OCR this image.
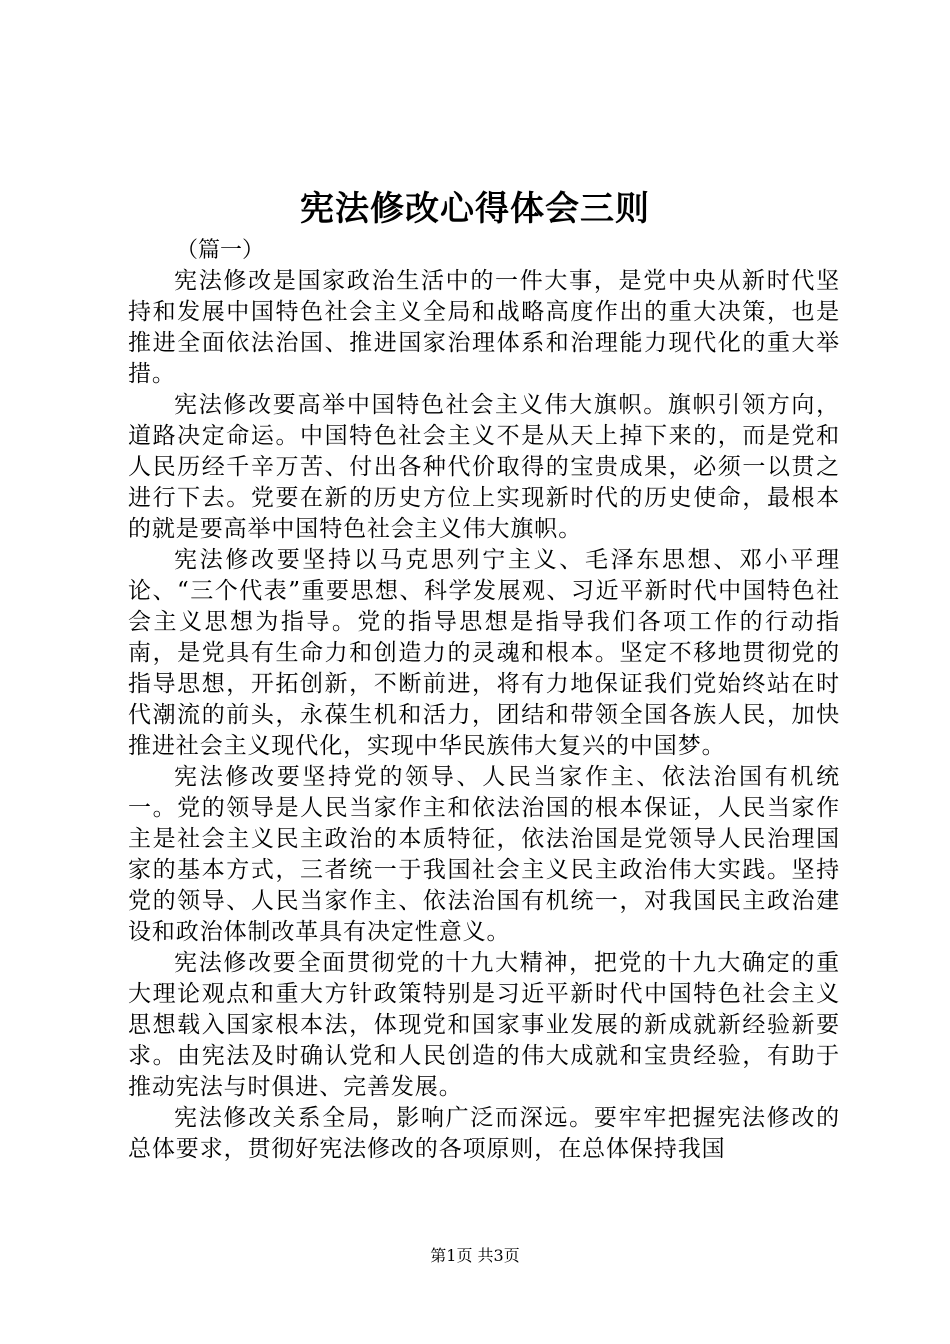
宪法修改心得体会三则

（篇一）

宪法修改是国家政治生活中的一件大事，是党中央从新时代坚持和发展中国特色社会主义全局和战略高度作出的重大决策，也是推进全面依法治国、推进国家治理体系和治理能力现代化的重大举措。

宪法修改要高举中国特色社会主义伟大旗帜。旗帜引领方向，道路决定命运。中国特色社会主义不是从天上掉下来的，而是党和人民历经千辛万苦、付出各种代价取得的宝贵成果，必须一以贯之进行下去。党要在新的历史方位上实现新时代的历史使命，最根本的就是要高举中国特色社会主义伟大旗帜。

宪法修改要坚持以马克思列宁主义、毛泽东思想、邓小平理论、“三个代表”重要思想、科学发展观、习近平新时代中国特色社会主义思想为指导。党的指导思想是指导我们各项工作的行动指南，是党具有生命力和创造力的灵魂和根本。坚定不移地贯彻党的指导思想，开拓创新，不断前进，将有力地保证我们党始终站在时代潮流的前头，永葆生机和活力，团结和带领全国各族人民，加快推进社会主义现代化，实现中华民族伟大复兴的中国梦。

宪法修改要坚持党的领导、人民当家作主、依法治国有机统一。党的领导是人民当家作主和依法治国的根本保证，人民当家作主是社会主义民主政治的本质特征，依法治国是党领导人民治理国家的基本方式，三者统一于我国社会主义民主政治伟大实践。坚持党的领导、人民当家作主、依法治国有机统一，对我国民主政治建设和政治体制改革具有决定性意义。

宪法修改要全面贯彻党的十九大精神，把党的十九大确定的重大理论观点和重大方针政策特别是习近平新时代中国特色社会主义思想载入国家根本法，体现党和国家事业发展的新成就新经验新要求。由宪法及时确认党和人民创造的伟大成就和宝贵经验，有助于推动宪法与时俱进、完善发展。

宪法修改关系全局，影响广泛而深远。要牢牢把握宪法修改的总体要求，贯彻好宪法修改的各项原则，在总体保持我国

第1页 共3页
